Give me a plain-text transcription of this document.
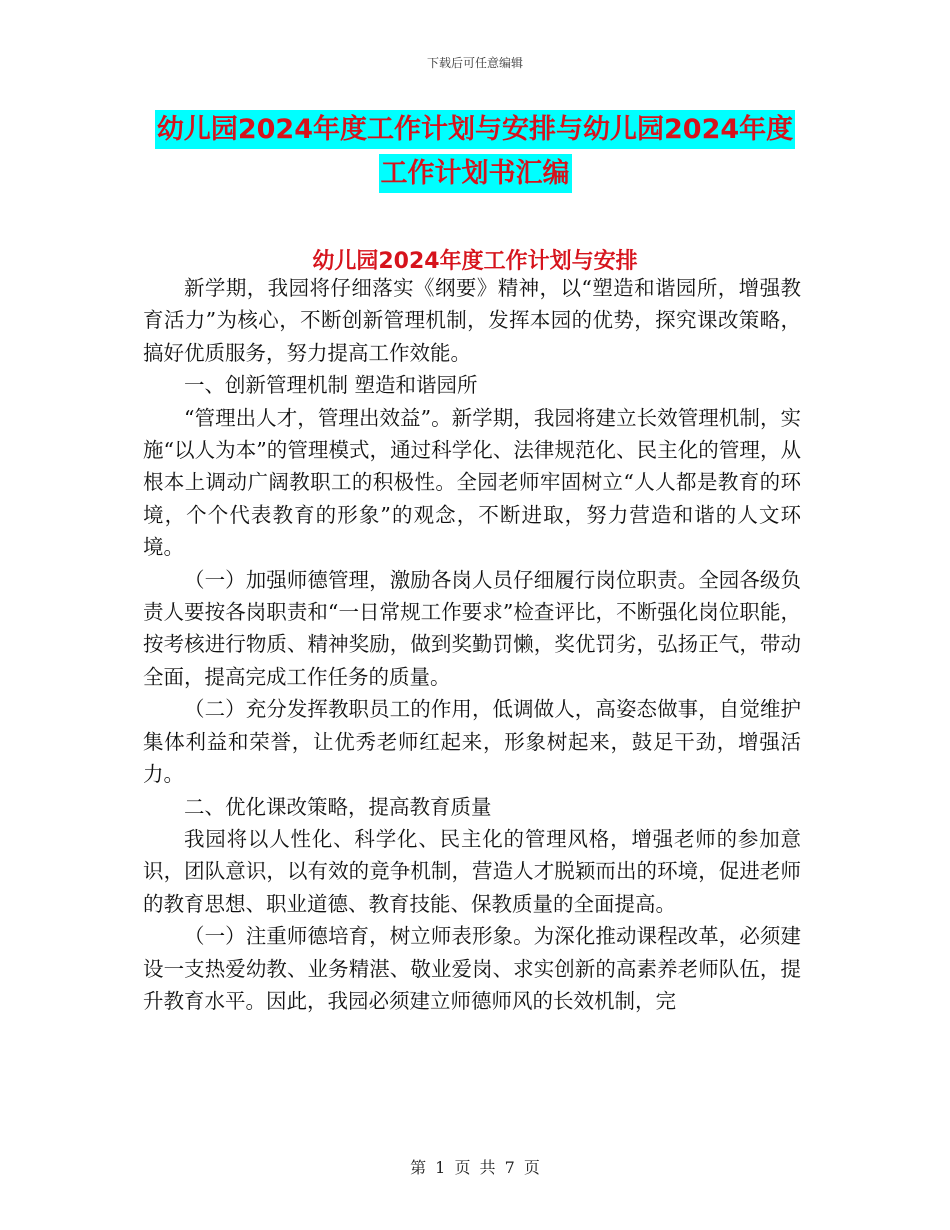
下载后可任意编辑
幼儿园2024年度工作计划与安排与幼儿园2024年度
工作计划书汇编
幼儿园2024年度工作计划与安排

新学期，我园将仔细落实《纲要》精神，以“塑造和谐园所，增强教育活力”为核心，不断创新管理机制，发挥本园的优势，探究课改策略，搞好优质服务，努力提高工作效能。

一、创新管理机制 塑造和谐园所

“管理出人才，管理出效益”。新学期，我园将建立长效管理机制，实施“以人为本”的管理模式，通过科学化、法律规范化、民主化的管理，从根本上调动广阔教职工的积极性。全园老师牢固树立“人人都是教育的环境，个个代表教育的形象”的观念，不断进取，努力营造和谐的人文环境。

（一）加强师德管理，激励各岗人员仔细履行岗位职责。全园各级负责人要按各岗职责和“一日常规工作要求”检查评比，不断强化岗位职能，按考核进行物质、精神奖励，做到奖勤罚懒，奖优罚劣，弘扬正气，带动全面，提高完成工作任务的质量。

（二）充分发挥教职员工的作用，低调做人，高姿态做事，自觉维护集体利益和荣誉，让优秀老师红起来，形象树起来，鼓足干劲，增强活力。

二、优化课改策略，提高教育质量

我园将以人性化、科学化、民主化的管理风格，增强老师的参加意识，团队意识，以有效的竟争机制，营造人才脱颖而出的环境，促进老师的教育思想、职业道德、教育技能、保教质量的全面提高。

（一）注重师德培育，树立师表形象。为深化推动课程改革，必须建设一支热爱幼教、业务精湛、敬业爱岗、求实创新的高素养老师队伍，提升教育水平。因此，我园必须建立师德师风的长效机制，完

第 1 页 共 7 页
